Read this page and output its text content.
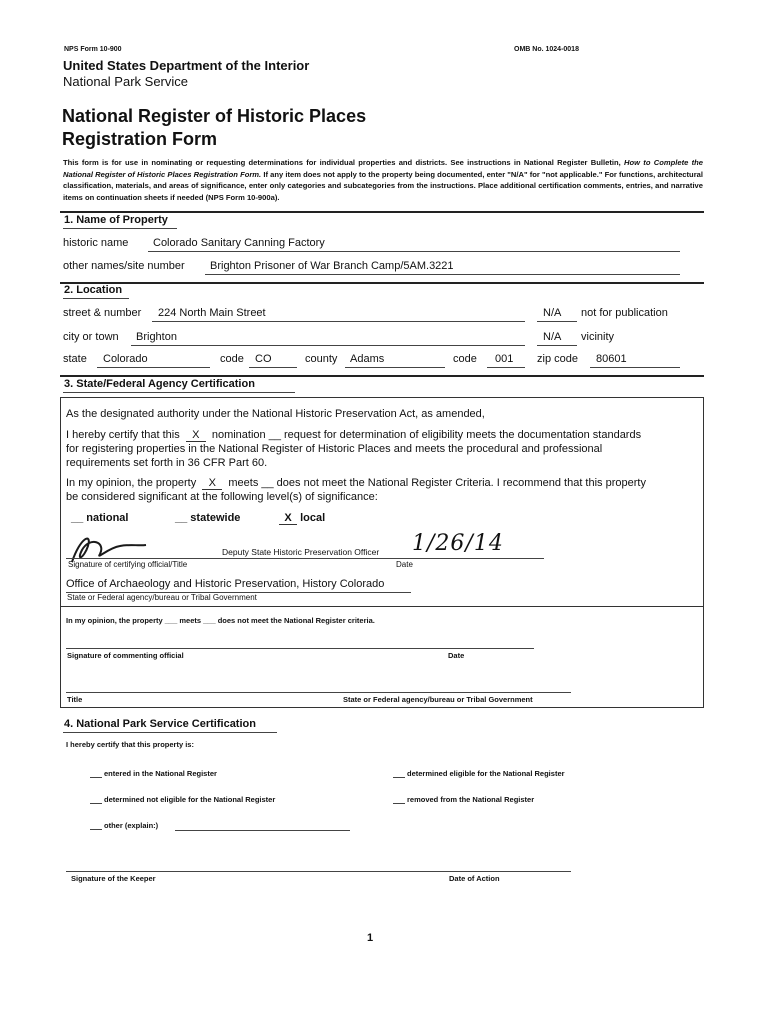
NPS Form 10-900	OMB No. 1024-0018
United States Department of the Interior
National Park Service
National Register of Historic Places
Registration Form
This form is for use in nominating or requesting determinations for individual properties and districts. See instructions in National Register Bulletin, How to Complete the National Register of Historic Places Registration Form. If any item does not apply to the property being documented, enter "N/A" for "not applicable." For functions, architectural classification, materials, and areas of significance, enter only categories and subcategories from the instructions. Place additional certification comments, entries, and narrative items on continuation sheets if needed (NPS Form 10-900a).
1. Name of Property
historic name Colorado Sanitary Canning Factory
other names/site number Brighton Prisoner of War Branch Camp/5AM.3221
2. Location
street & number 224 North Main Street	N/A not for publication
city or town Brighton	N/A vicinity
state Colorado	code CO	county Adams	code 001 zip code 80601
3. State/Federal Agency Certification
As the designated authority under the National Historic Preservation Act, as amended,
I hereby certify that this X nomination __ request for determination of eligibility meets the documentation standards
for registering properties in the National Register of Historic Places and meets the procedural and professional
requirements set forth in 36 CFR Part 60.
In my opinion, the property X meets __ does not meet the National Register Criteria. I recommend that this property
be considered significant at the following level(s) of significance:
__ national	__ statewide	X local
Deputy State Historic Preservation Officer 1/26/14
Signature of certifying official/Title	Date
Office of Archaeology and Historic Preservation, History Colorado
State or Federal agency/bureau or Tribal Government
In my opinion, the property ___ meets ___ does not meet the National Register criteria.
Signature of commenting official	Date
Title	State or Federal agency/bureau or Tribal Government
4. National Park Service Certification
I hereby certify that this property is:
entered in the National Register	determined eligible for the National Register
determined not eligible for the National Register	removed from the National Register
other (explain:)
Signature of the Keeper	Date of Action
1
